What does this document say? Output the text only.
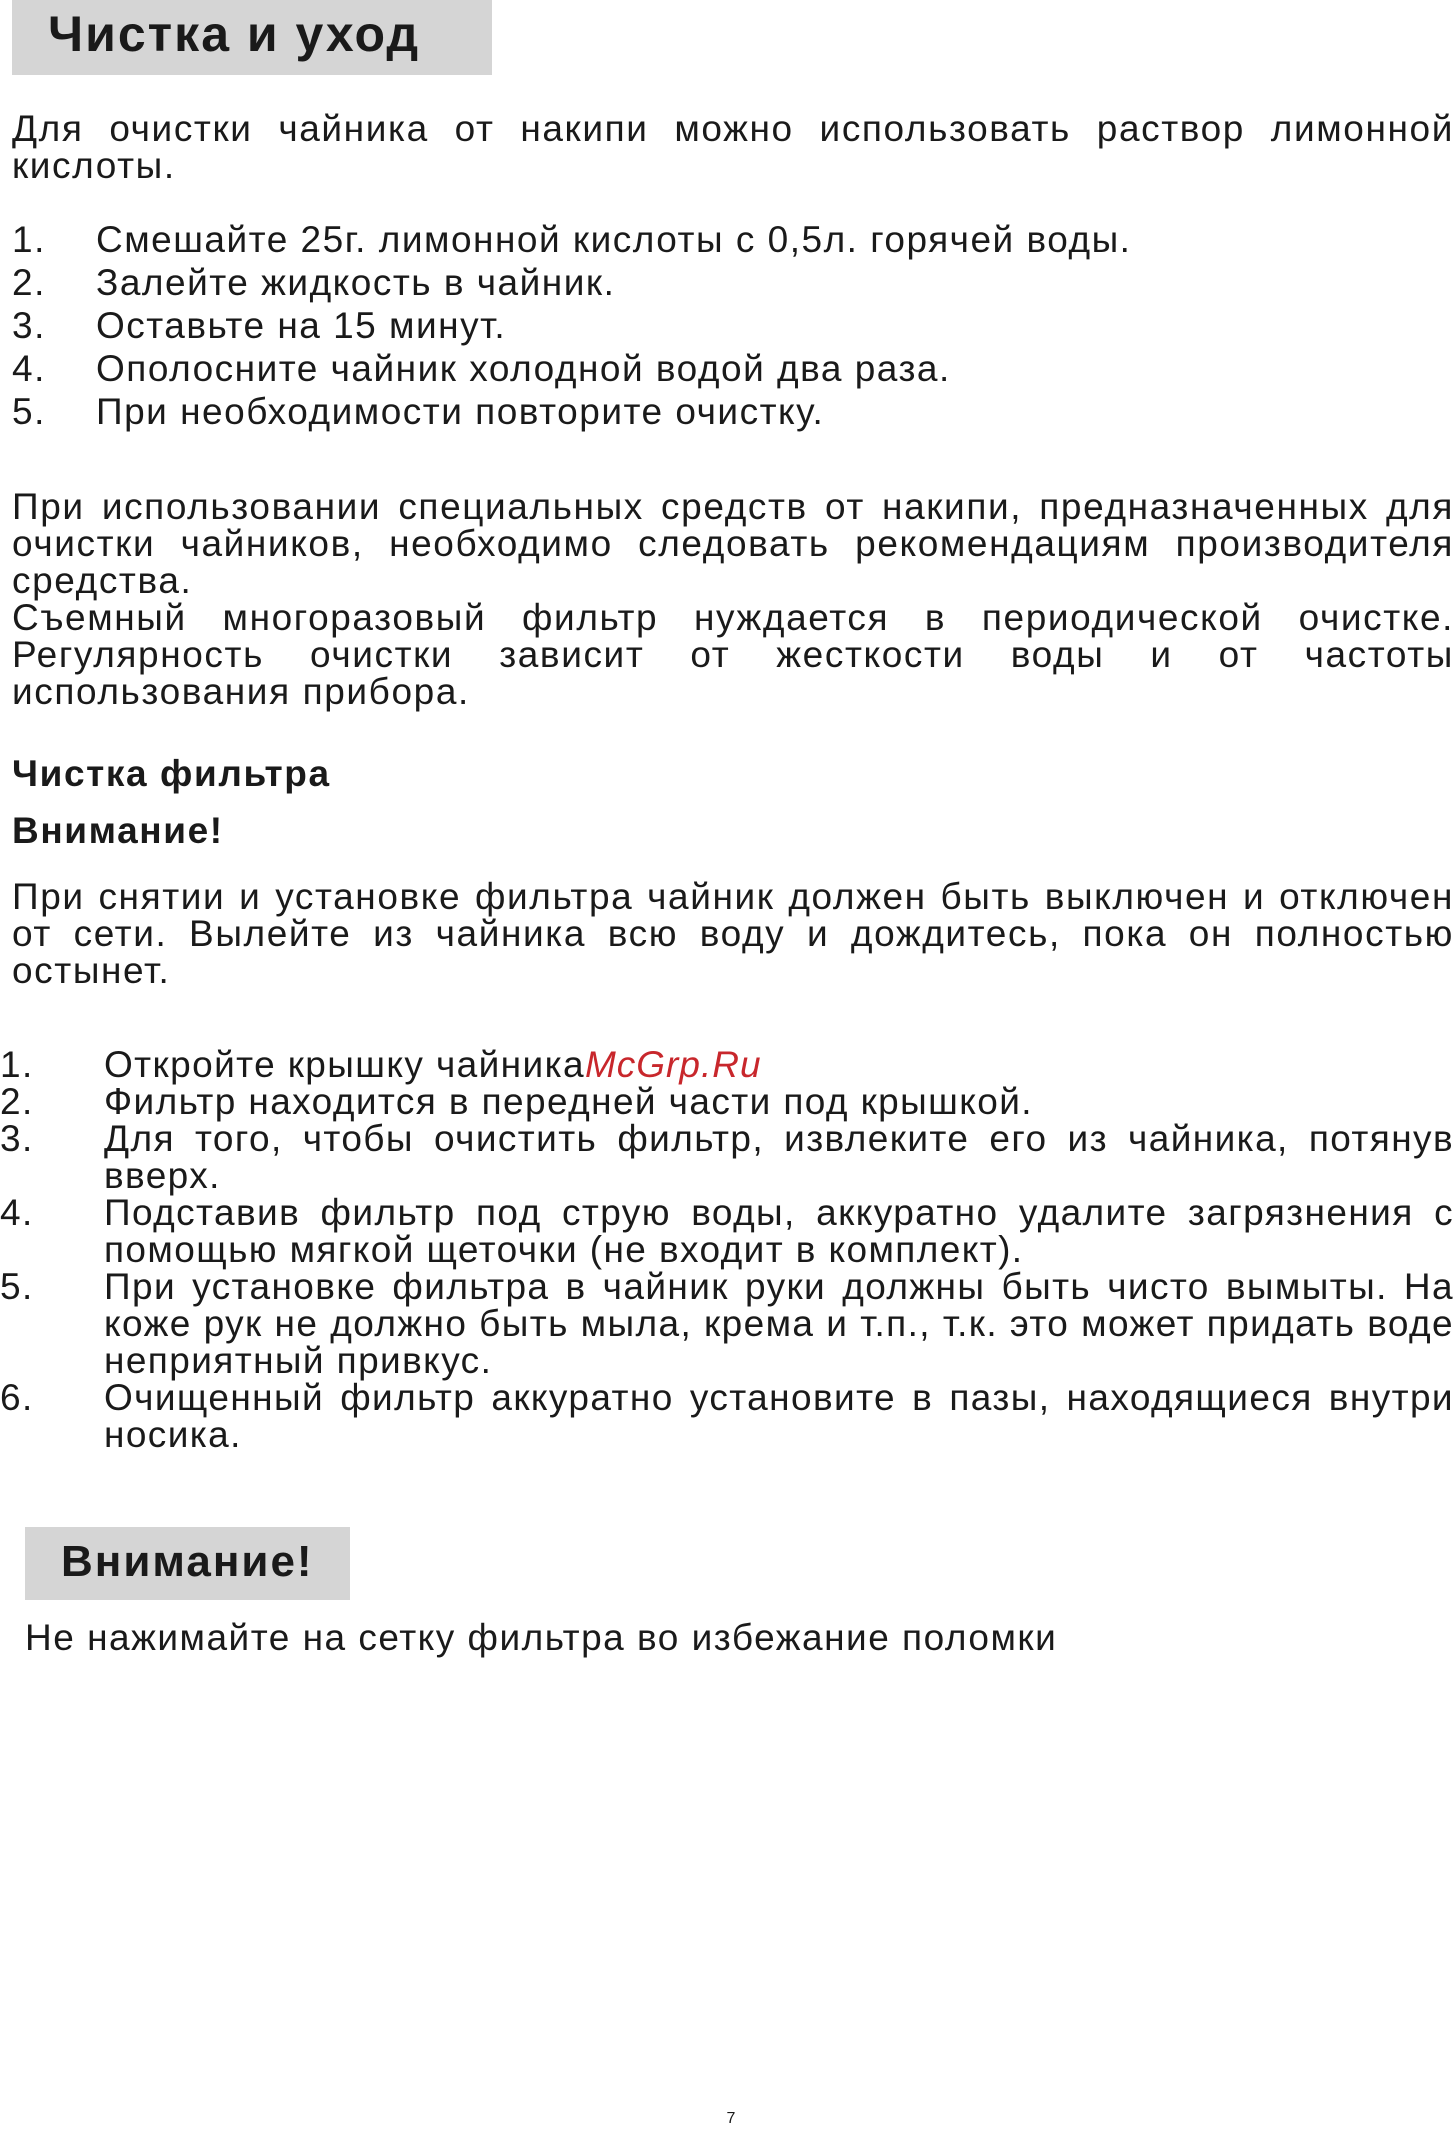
Чистка и уход

Для очистки чайника от накипи можно использовать раствор лимонной кислоты.

1. Смешайте 25г. лимонной кислоты с 0,5л. горячей воды.
2. Залейте жидкость в чайник.
3. Оставьте на 15 минут.
4. Ополосните чайник холодной водой два раза.
5. При необходимости повторите очистку.

При использовании специальных средств от накипи, предназначенных для очистки чайников, необходимо следовать рекомендациям производителя средства.

Съемный многоразовый фильтр нуждается в периодической очистке. Регулярность очистки зависит от жесткости воды и от частоты использования прибора.

Чистка фильтра
Внимание!

При снятии и установке фильтра чайник должен быть выключен и отключен от сети. Вылейте из чайника всю воду и дождитесь, пока он полностью остынет.

1. Откройте крышку чайникаMcGrp.Ru
2. Фильтр находится в передней части под крышкой.
3. Для того, чтобы очистить фильтр, извлеките его из чайника, потянув вверх.
4. Подставив фильтр под струю воды, аккуратно удалите загрязнения с помощью мягкой щеточки (не входит в комплект).
5. При установке фильтра в чайник руки должны быть чисто вымыты. На коже рук не должно быть мыла, крема и т.п., т.к. это может придать воде неприятный привкус.
6. Очищенный фильтр аккуратно установите в пазы, находящиеся внутри носика.
Внимание!
Не нажимайте на сетку фильтра во избежание поломки
7
